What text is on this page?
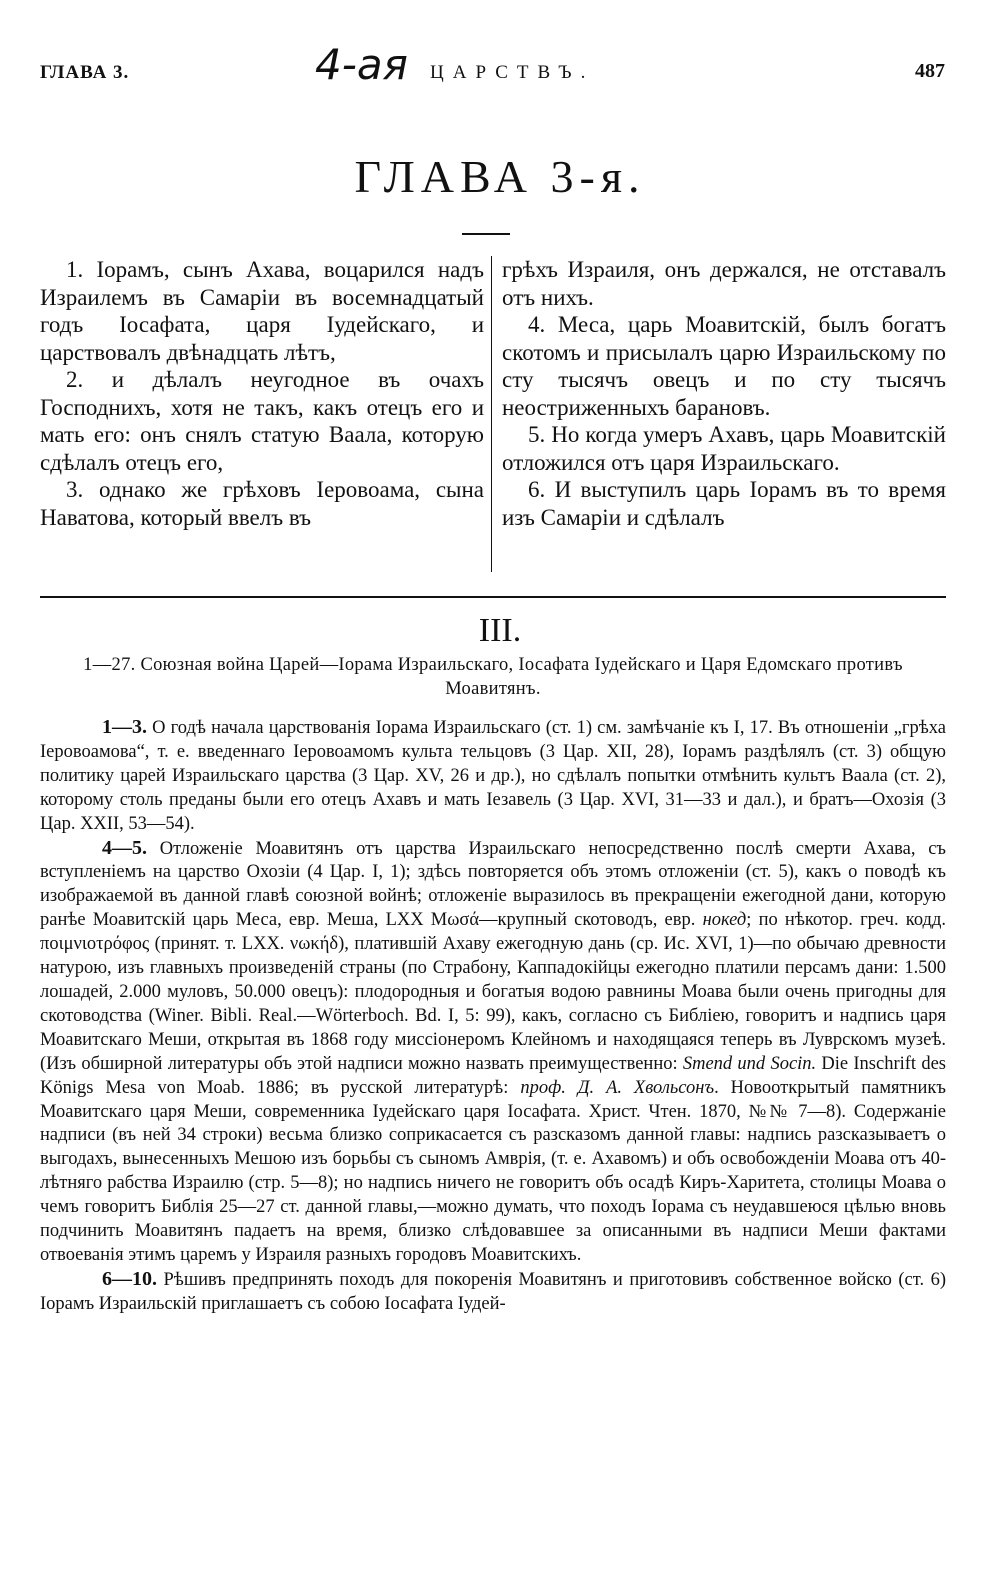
ГЛАВА 3.	4-ая ЦАРСТВЪ.	487
ГЛАВА 3-я.

1. Іорамъ, сынъ Ахава, воцарился надъ Израилемъ въ Самаріи въ восемнадцатый годъ Іосафата, царя Іудейскаго, и царствовалъ двѣнадцать лѣтъ,

2. и дѣлалъ неугодное въ очахъ Господнихъ, хотя не такъ, какъ отецъ его и мать его: онъ снялъ статую Ваала, которую сдѣлалъ отецъ его,

3. однако же грѣховъ Іеровоама, сына Наватова, который ввелъ въ

грѣхъ Израиля, онъ держался, не отставалъ отъ нихъ.

4. Меса, царь Моавитскій, былъ богатъ скотомъ и присылалъ царю Израильскому по сту тысячъ овецъ и по сту тысячъ неостриженныхъ барановъ.

5. Но когда умеръ Ахавъ, царь Моавитскій отложился отъ царя Израильскаго.

6. И выступилъ царь Іорамъ въ то время изъ Самаріи и сдѣлалъ

III.
1—27. Союзная война Царей—Іорама Израильскаго, Іосафата Іудейскаго и Царя Едомскаго противъ Моавитянъ.

1—3. О годѣ начала царствованія Іорама Израильскаго (ст. 1) см. замѣчаніе къ І, 17. Въ отношеніи „грѣха Іеровоамова“, т. е. введеннаго Іеровоамомъ культа тельцовъ (3 Цар. XII, 28), Іорамъ раздѣлялъ (ст. 3) общую политику царей Израильскаго царства (3 Цар. XV, 26 и др.), но сдѣлалъ попытки отмѣнить культъ Ваала (ст. 2), которому столь преданы были его отецъ Ахавъ и мать Іезавель (3 Цар. XVI, 31—33 и дал.), и братъ—Охозія (3 Цар. XXII, 53—54).

4—5. Отложеніе Моавитянъ отъ царства Израильскаго непосредственно послѣ смерти Ахава, съ вступленіемъ на царство Охозіи (4 Цар. І, 1); здѣсь повторяется объ этомъ отложеніи (ст. 5), какъ о поводѣ къ изображаемой въ данной главѣ союзной войнѣ; отложеніе выразилось въ прекращеніи ежегодной дани, которую ранѣе Моавитскій царь Меса, евр. Меша, LXX Μωσά—крупный скотоводъ, евр. нокед; по нѣкотор. греч. кодд. ποιμνιοτρόφος (принят. т. LXX. νωκήδ), платившій Ахаву ежегодную дань (ср. Ис. XVI, 1)—по обычаю древности натурою, изъ главныхъ произведеній страны (по Страбону, Каппадокійцы ежегодно платили персамъ дани: 1.500 лошадей, 2.000 муловъ, 50.000 овецъ): плодородныя и богатыя водою равнины Моава были очень пригодны для скотоводства (Winer. Bibli. Real.—Wörterboch. Bd. I, 5: 99), какъ, согласно съ Библіею, говоритъ и надпись царя Моавитскаго Меши, открытая въ 1868 году миссіонеромъ Клейномъ и находящаяся теперь въ Луврскомъ музеѣ. (Изъ обширной литературы объ этой надписи можно назвать преимущественно: Smend und Socin. Die Inschrift des Königs Mesa von Moab. 1886; въ русской литературѣ: проф. Д. А. Хвольсонъ. Новооткрытый памятникъ Моавитскаго царя Меши, современника Іудейскаго царя Іосафата. Христ. Чтен. 1870, №№ 7—8). Содержаніе надписи (въ ней 34 строки) весьма близко соприкасается съ разсказомъ данной главы: надпись разсказываетъ о выгодахъ, вынесенныхъ Мешою изъ борьбы съ сыномъ Амврія, (т. е. Ахавомъ) и объ освобожденіи Моава отъ 40-лѣтняго рабства Израилю (стр. 5—8); но надпись ничего не говоритъ объ осадѣ Киръ-Харитета, столицы Моава о чемъ говоритъ Библія 25—27 ст. данной главы,—можно думать, что походъ Іорама съ неудавшеюся цѣлью вновь подчинить Моавитянъ падаетъ на время, близко слѣдовавшее за описанными въ надписи Меши фактами отвоеванія этимъ царемъ у Израиля разныхъ городовъ Моавитскихъ.

6—10. Рѣшивъ предпринять походъ для покоренія Моавитянъ и приготовивъ собственное войско (ст. 6) Іорамъ Израильскій приглашаетъ съ собою Іосафата Іудей-
